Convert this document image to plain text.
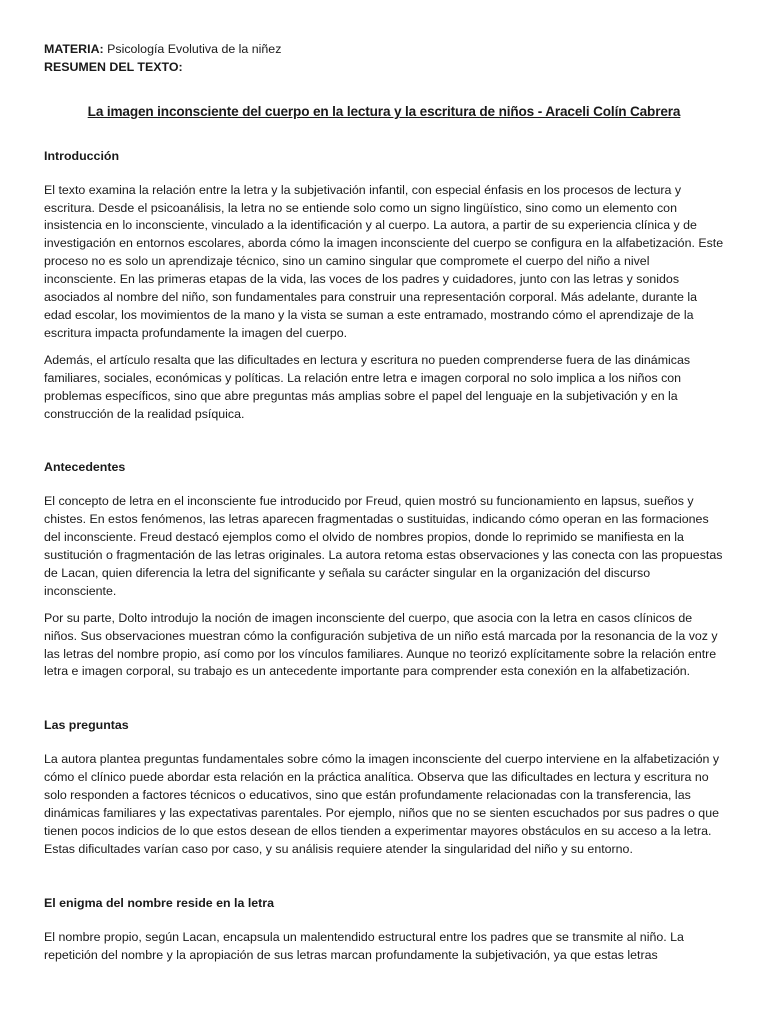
MATERIA: Psicología Evolutiva de la niñez

RESUMEN DEL TEXTO:

La imagen inconsciente del cuerpo en la lectura y la escritura de niños - Araceli Colín Cabrera
Introducción

El texto examina la relación entre la letra y la subjetivación infantil, con especial énfasis en los procesos de lectura y escritura. Desde el psicoanálisis, la letra no se entiende solo como un signo lingüístico, sino como un elemento con insistencia en lo inconsciente, vinculado a la identificación y al cuerpo. La autora, a partir de su experiencia clínica y de investigación en entornos escolares, aborda cómo la imagen inconsciente del cuerpo se configura en la alfabetización. Este proceso no es solo un aprendizaje técnico, sino un camino singular que compromete el cuerpo del niño a nivel inconsciente. En las primeras etapas de la vida, las voces de los padres y cuidadores, junto con las letras y sonidos asociados al nombre del niño, son fundamentales para construir una representación corporal. Más adelante, durante la edad escolar, los movimientos de la mano y la vista se suman a este entramado, mostrando cómo el aprendizaje de la escritura impacta profundamente la imagen del cuerpo.

Además, el artículo resalta que las dificultades en lectura y escritura no pueden comprenderse fuera de las dinámicas familiares, sociales, económicas y políticas. La relación entre letra e imagen corporal no solo implica a los niños con problemas específicos, sino que abre preguntas más amplias sobre el papel del lenguaje en la subjetivación y en la construcción de la realidad psíquica.

Antecedentes

El concepto de letra en el inconsciente fue introducido por Freud, quien mostró su funcionamiento en lapsus, sueños y chistes. En estos fenómenos, las letras aparecen fragmentadas o sustituidas, indicando cómo operan en las formaciones del inconsciente. Freud destacó ejemplos como el olvido de nombres propios, donde lo reprimido se manifiesta en la sustitución o fragmentación de las letras originales. La autora retoma estas observaciones y las conecta con las propuestas de Lacan, quien diferencia la letra del significante y señala su carácter singular en la organización del discurso inconsciente.

Por su parte, Dolto introdujo la noción de imagen inconsciente del cuerpo, que asocia con la letra en casos clínicos de niños. Sus observaciones muestran cómo la configuración subjetiva de un niño está marcada por la resonancia de la voz y las letras del nombre propio, así como por los vínculos familiares. Aunque no teorizó explícitamente sobre la relación entre letra e imagen corporal, su trabajo es un antecedente importante para comprender esta conexión en la alfabetización.

Las preguntas

La autora plantea preguntas fundamentales sobre cómo la imagen inconsciente del cuerpo interviene en la alfabetización y cómo el clínico puede abordar esta relación en la práctica analítica. Observa que las dificultades en lectura y escritura no solo responden a factores técnicos o educativos, sino que están profundamente relacionadas con la transferencia, las dinámicas familiares y las expectativas parentales. Por ejemplo, niños que no se sienten escuchados por sus padres o que tienen pocos indicios de lo que estos desean de ellos tienden a experimentar mayores obstáculos en su acceso a la letra. Estas dificultades varían caso por caso, y su análisis requiere atender la singularidad del niño y su entorno.

El enigma del nombre reside en la letra

El nombre propio, según Lacan, encapsula un malentendido estructural entre los padres que se transmite al niño. La repetición del nombre y la apropiación de sus letras marcan profundamente la subjetivación, ya que estas letras
